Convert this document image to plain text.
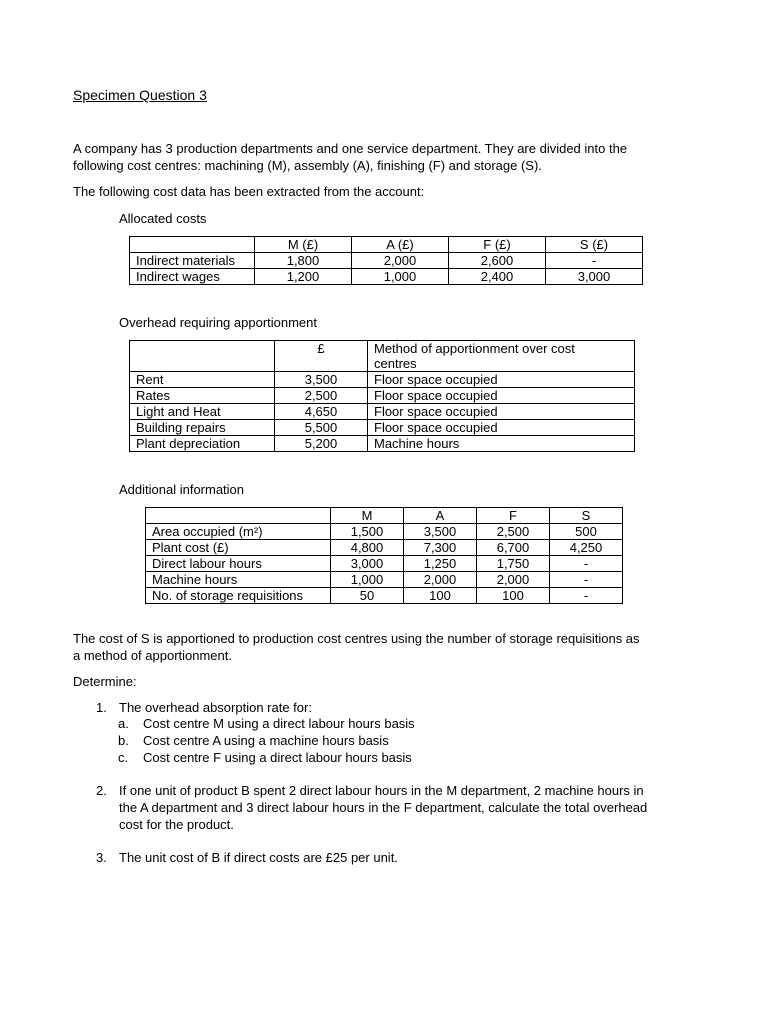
Specimen Question 3
A company has 3 production departments and one service department. They are divided into the
following cost centres: machining (M), assembly (A), finishing (F) and storage (S).
The following cost data has been extracted from the account:
Allocated costs
	M (£)	A (£)	F (£)	S (£)
Indirect materials	1,800	2,000	2,600	-
Indirect wages	1,200	1,000	2,400	3,000
Overhead requiring apportionment
	£	Method of apportionment over cost
centres

Rent	3,500	Floor space occupied
Rates	2,500	Floor space occupied
Light and Heat	4,650	Floor space occupied
Building repairs	5,500	Floor space occupied
Plant depreciation	5,200	Machine hours
Additional information
	M	A	F	S
Area occupied (m²)	1,500	3,500	2,500	500
Plant cost (£)	4,800	7,300	6,700	4,250
Direct labour hours	3,000	1,250	1,750	-
Machine hours	1,000	2,000	2,000	-
No. of storage requisitions	50	100	100	-
The cost of S is apportioned to production cost centres using the number of storage requisitions as
a method of apportionment.
Determine:
1. The overhead absorption rate for:
a. Cost centre M using a direct labour hours basis
b. Cost centre A using a machine hours basis
c. Cost centre F using a direct labour hours basis
2. If one unit of product B spent 2 direct labour hours in the M department, 2 machine hours in
the A department and 3 direct labour hours in the F department, calculate the total overhead
cost for the product.
3. The unit cost of B if direct costs are £25 per unit.
